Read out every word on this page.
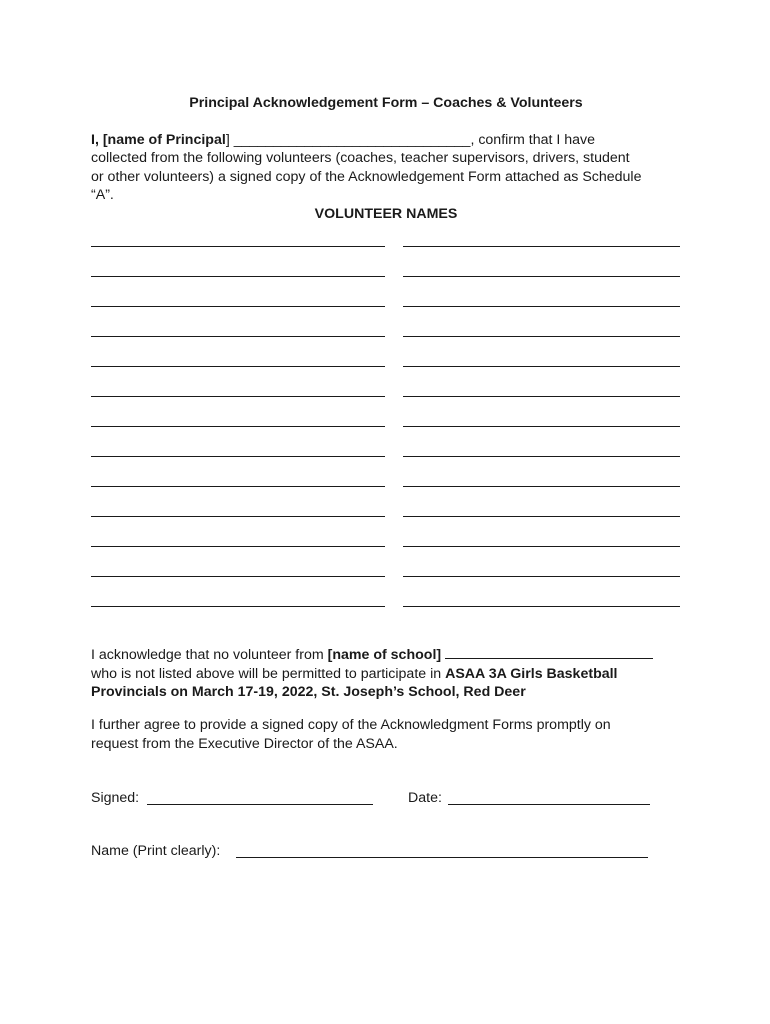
Principal Acknowledgement Form – Coaches & Volunteers

I, [name of Principal] ______________________________, confirm that I have
collected from the following volunteers (coaches, teacher supervisors, drivers, student
or other volunteers) a signed copy of the Acknowledgement Form attached as Schedule
“A”.

VOLUNTEER NAMES

I acknowledge that no volunteer from [name of school]

who is not listed above will be permitted to participate in ASAA 3A Girls Basketball

Provincials on March 17-19, 2022, St. Joseph’s School, Red Deer

I further agree to provide a signed copy of the Acknowledgment Forms promptly on
request from the Executive Director of the ASAA.
Signed:	Date:
Name (Print clearly):
